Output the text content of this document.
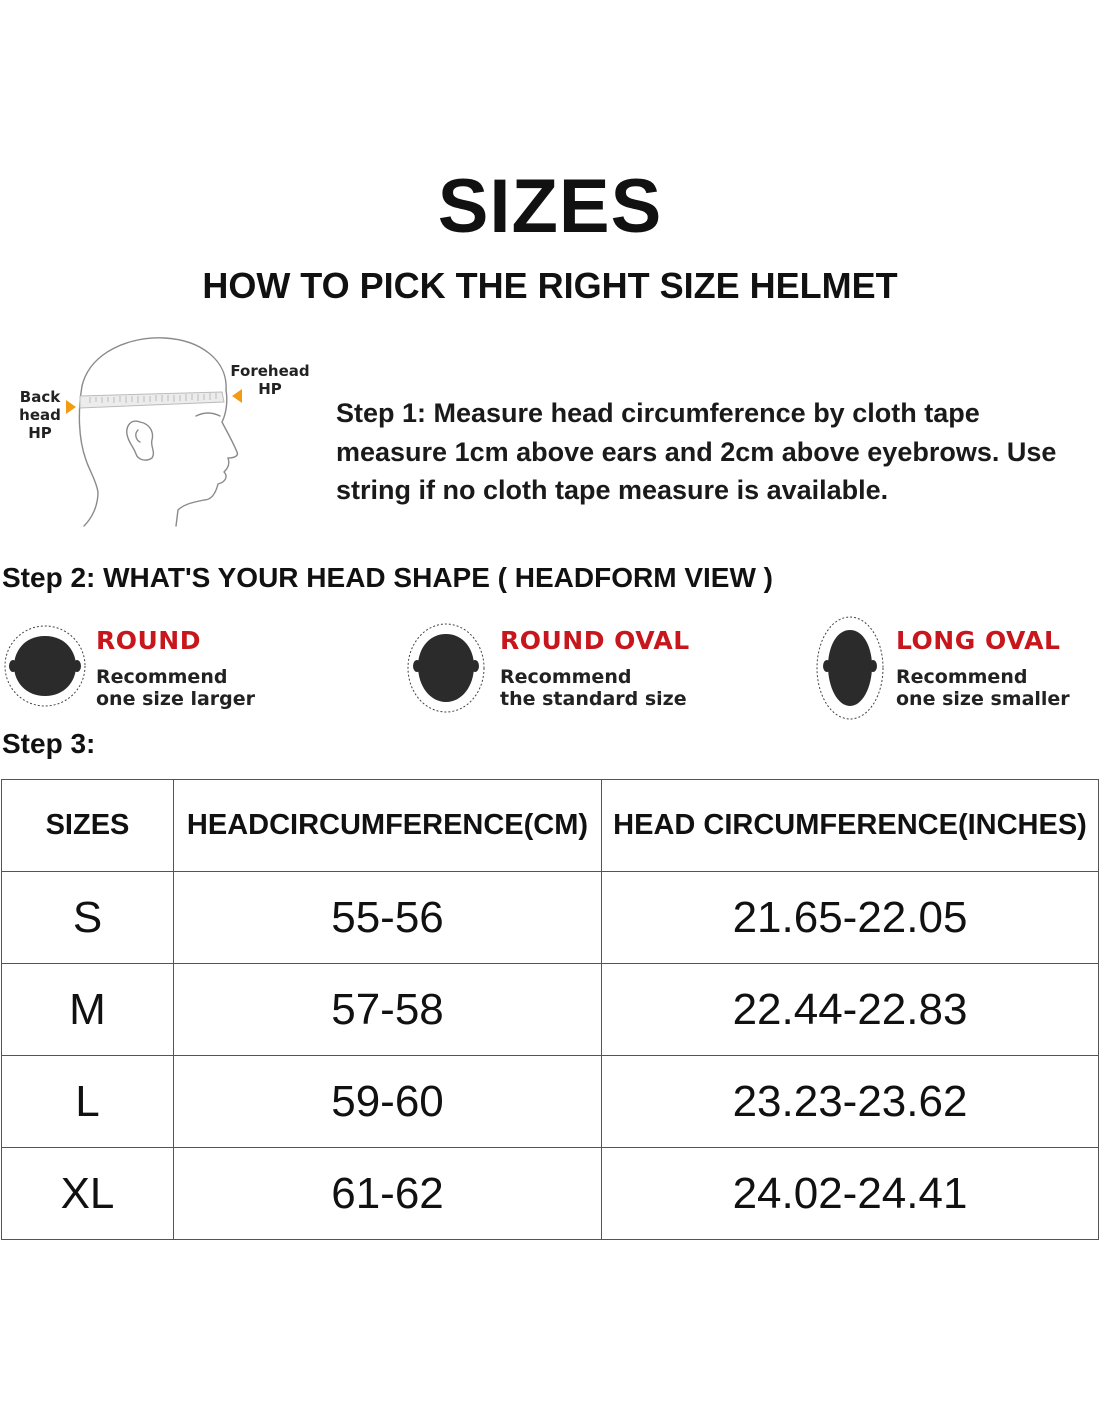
SIZES
HOW TO PICK THE RIGHT SIZE HELMET
Back
head
HP
Forehead
HP
Step 1: Measure head circumference by cloth tape measure 1cm above ears and 2cm above eyebrows. Use string if no cloth tape measure is available.
Step 2: WHAT'S YOUR HEAD SHAPE ( HEADFORM VIEW )
ROUND
Recommend
one size larger
ROUND OVAL
Recommend
the standard size
LONG OVAL
Recommend
one size smaller
Step 3:
SIZES	HEADCIRCUMFERENCE(CM)	HEAD CIRCUMFERENCE(INCHES)
S	55-56	21.65-22.05
M	57-58	22.44-22.83
L	59-60	23.23-23.62
XL	61-62	24.02-24.41
